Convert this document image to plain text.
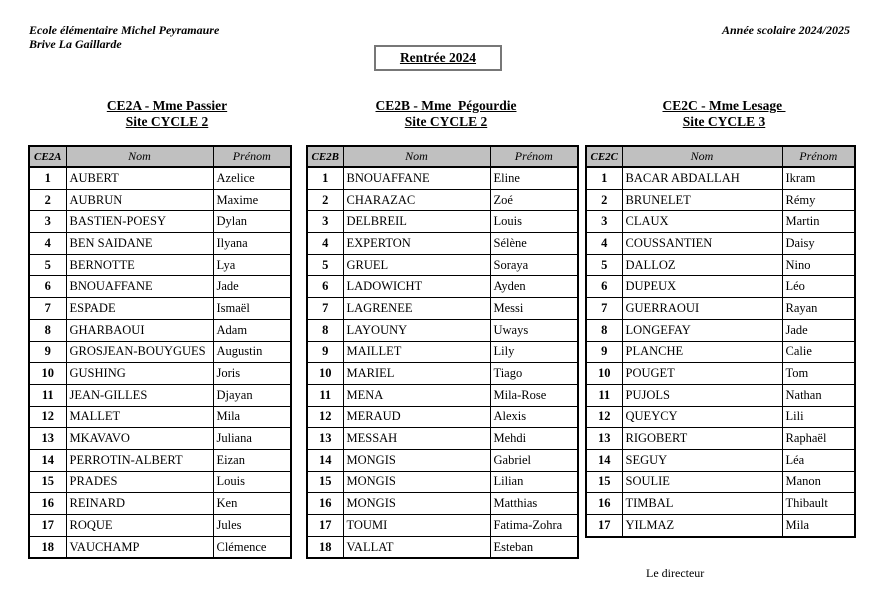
Ecole élémentaire Michel Peyramaure
Brive La Gaillarde
Année scolaire 2024/2025
Rentrée 2024
CE2A - Mme Passier
Site CYCLE 2
CE2B - Mme  Pégourdie
Site CYCLE 2
CE2C - Mme Lesage
Site CYCLE 3
CE2A	Nom	Prénom
1	AUBERT	Azelice
2	AUBRUN	Maxime
3	BASTIEN-POESY	Dylan
4	BEN SAIDANE	Ilyana
5	BERNOTTE	Lya
6	BNOUAFFANE	Jade
7	ESPADE	Ismaël
8	GHARBAOUI	Adam
9	GROSJEAN-BOUYGUES	Augustin
10	GUSHING	Joris
11	JEAN-GILLES	Djayan
12	MALLET	Mila
13	MKAVAVO	Juliana
14	PERROTIN-ALBERT	Eizan
15	PRADES	Louis
16	REINARD	Ken
17	ROQUE	Jules
18	VAUCHAMP	Clémence
CE2B	Nom	Prénom
1	BNOUAFFANE	Eline
2	CHARAZAC	Zoé
3	DELBREIL	Louis
4	EXPERTON	Sélène
5	GRUEL	Soraya
6	LADOWICHT	Ayden
7	LAGRENEE	Messi
8	LAYOUNY	Uways
9	MAILLET	Lily
10	MARIEL	Tiago
11	MENA	Mila-Rose
12	MERAUD	Alexis
13	MESSAH	Mehdi
14	MONGIS	Gabriel
15	MONGIS	Lilian
16	MONGIS	Matthias
17	TOUMI	Fatima-Zohra
18	VALLAT	Esteban
CE2C	Nom	Prénom
1	BACAR ABDALLAH	Ikram
2	BRUNELET	Rémy
3	CLAUX	Martin
4	COUSSANTIEN	Daisy
5	DALLOZ	Nino
6	DUPEUX	Léo
7	GUERRAOUI	Rayan
8	LONGEFAY	Jade
9	PLANCHE	Calie
10	POUGET	Tom
11	PUJOLS	Nathan
12	QUEYCY	Lili
13	RIGOBERT	Raphaël
14	SEGUY	Léa
15	SOULIE	Manon
16	TIMBAL	Thibault
17	YILMAZ	Mila
Le directeur
